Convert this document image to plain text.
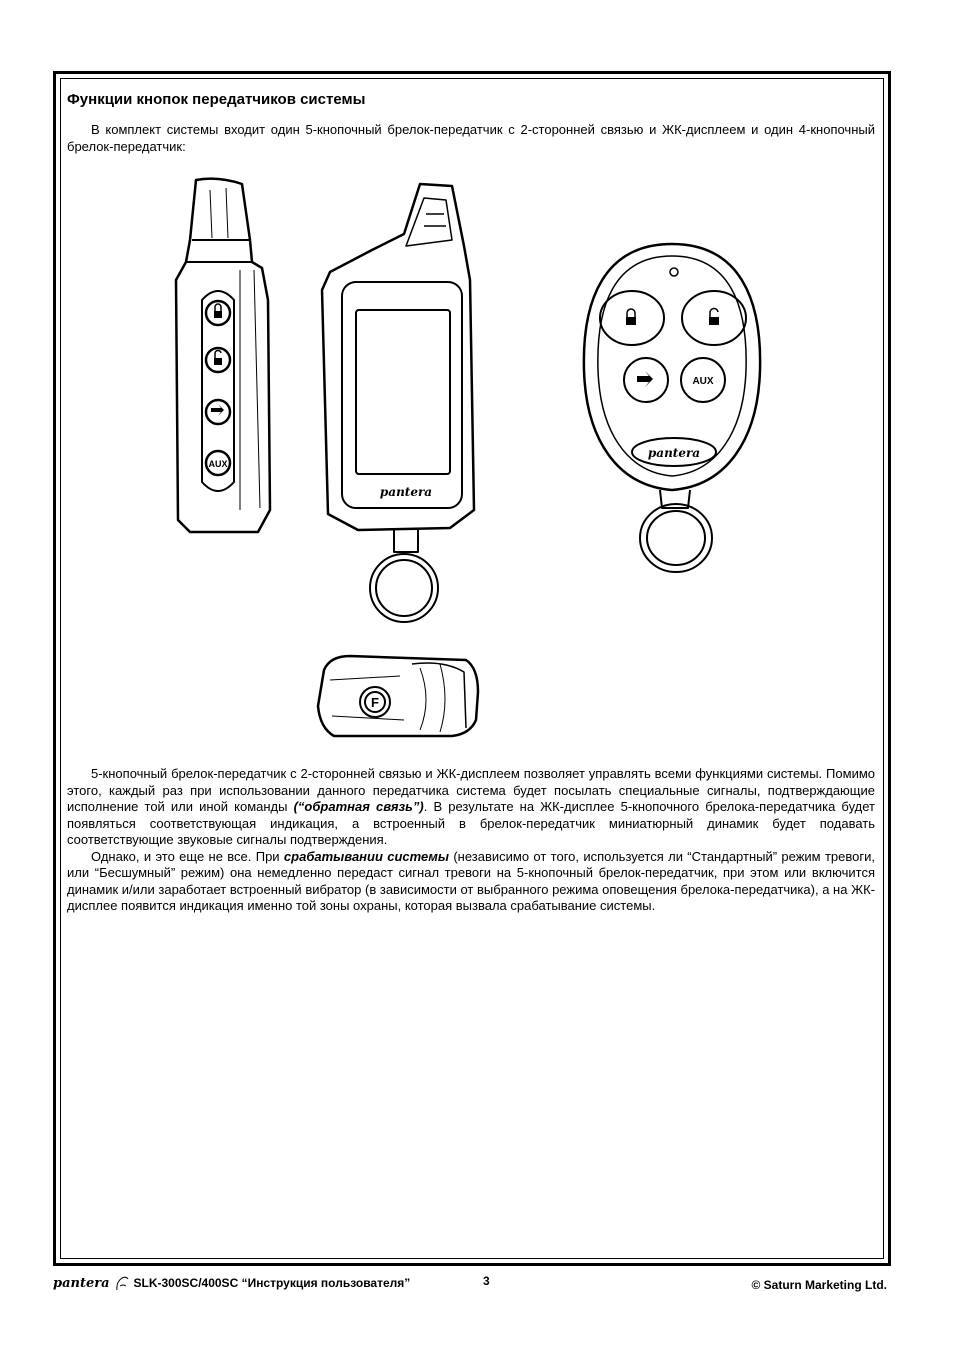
Функции кнопок передатчиков системы

В комплект системы входит один 5-кнопочный брелок-передатчик с 2-сторонней связью и ЖК-дисплеем и один 4-кнопочный брелок-передатчик:

AUX
pantera
F
AUX
pantera

5-кнопочный брелок-передатчик с 2-сторонней связью и ЖК-дисплеем позволяет управлять всеми функциями системы. Помимо этого, каждый раз при использовании данного передатчика система будет посылать специальные сигналы, подтверждающие исполнение той или иной команды (“обратная связь”). В результате на ЖК-дисплее 5-кнопочного брелока-передатчика будет появляться соответствующая индикация, а встроенный в брелок-передатчик миниатюрный динамик будет подавать соответствующие звуковые сигналы подтверждения.

Однако, и это еще не все. При срабатывании системы (независимо от того, используется ли “Стандартный” режим тревоги, или “Бесшумный” режим) она немедленно передаст сигнал тревоги на 5-кнопочный брелок-передатчик, при этом или включится динамик и/или заработает встроенный вибратор (в зависимости от выбранного режима оповещения брелока-передатчика), а на ЖК-дисплее появится индикация именно той зоны охраны, которая вызвала срабатывание системы.

pantera SLK-300SC/400SC “Инструкция пользователя”	3	© Saturn Marketing Ltd.
